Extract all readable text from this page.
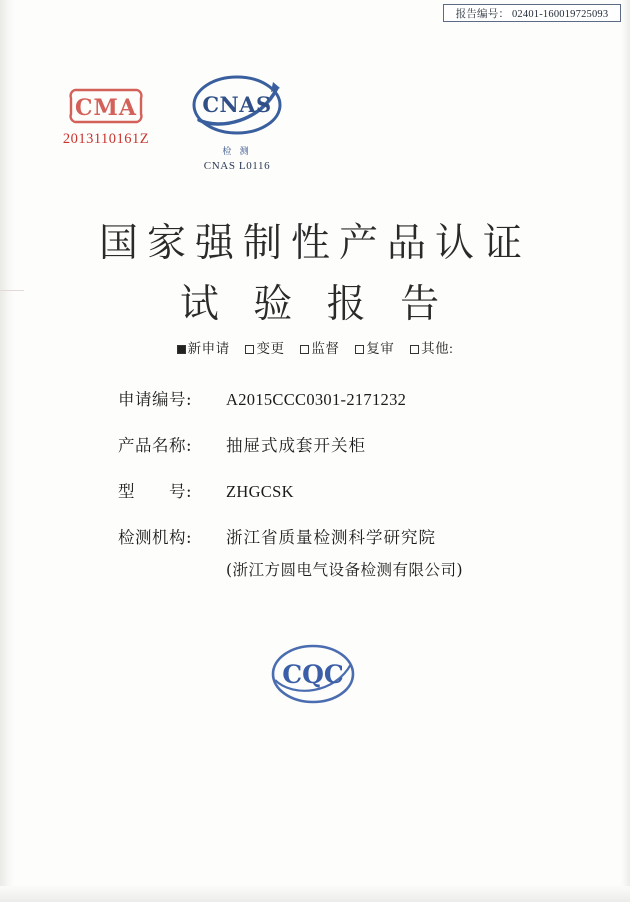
报告编号： 02401-160019725093
CMA
2013110161Z
CNAS
检 测
CNAS L0116
国家强制性产品认证
试 验 报 告
新申请 变更 监督 复审 其他:
申请编号:	A2015CCC0301-2171232
产品名称:	抽屉式成套开关柜
型　　号:	ZHGCSK
检测机构:	浙江省质量检测科学研究院
(浙江方圆电气设备检测有限公司)
CQC
